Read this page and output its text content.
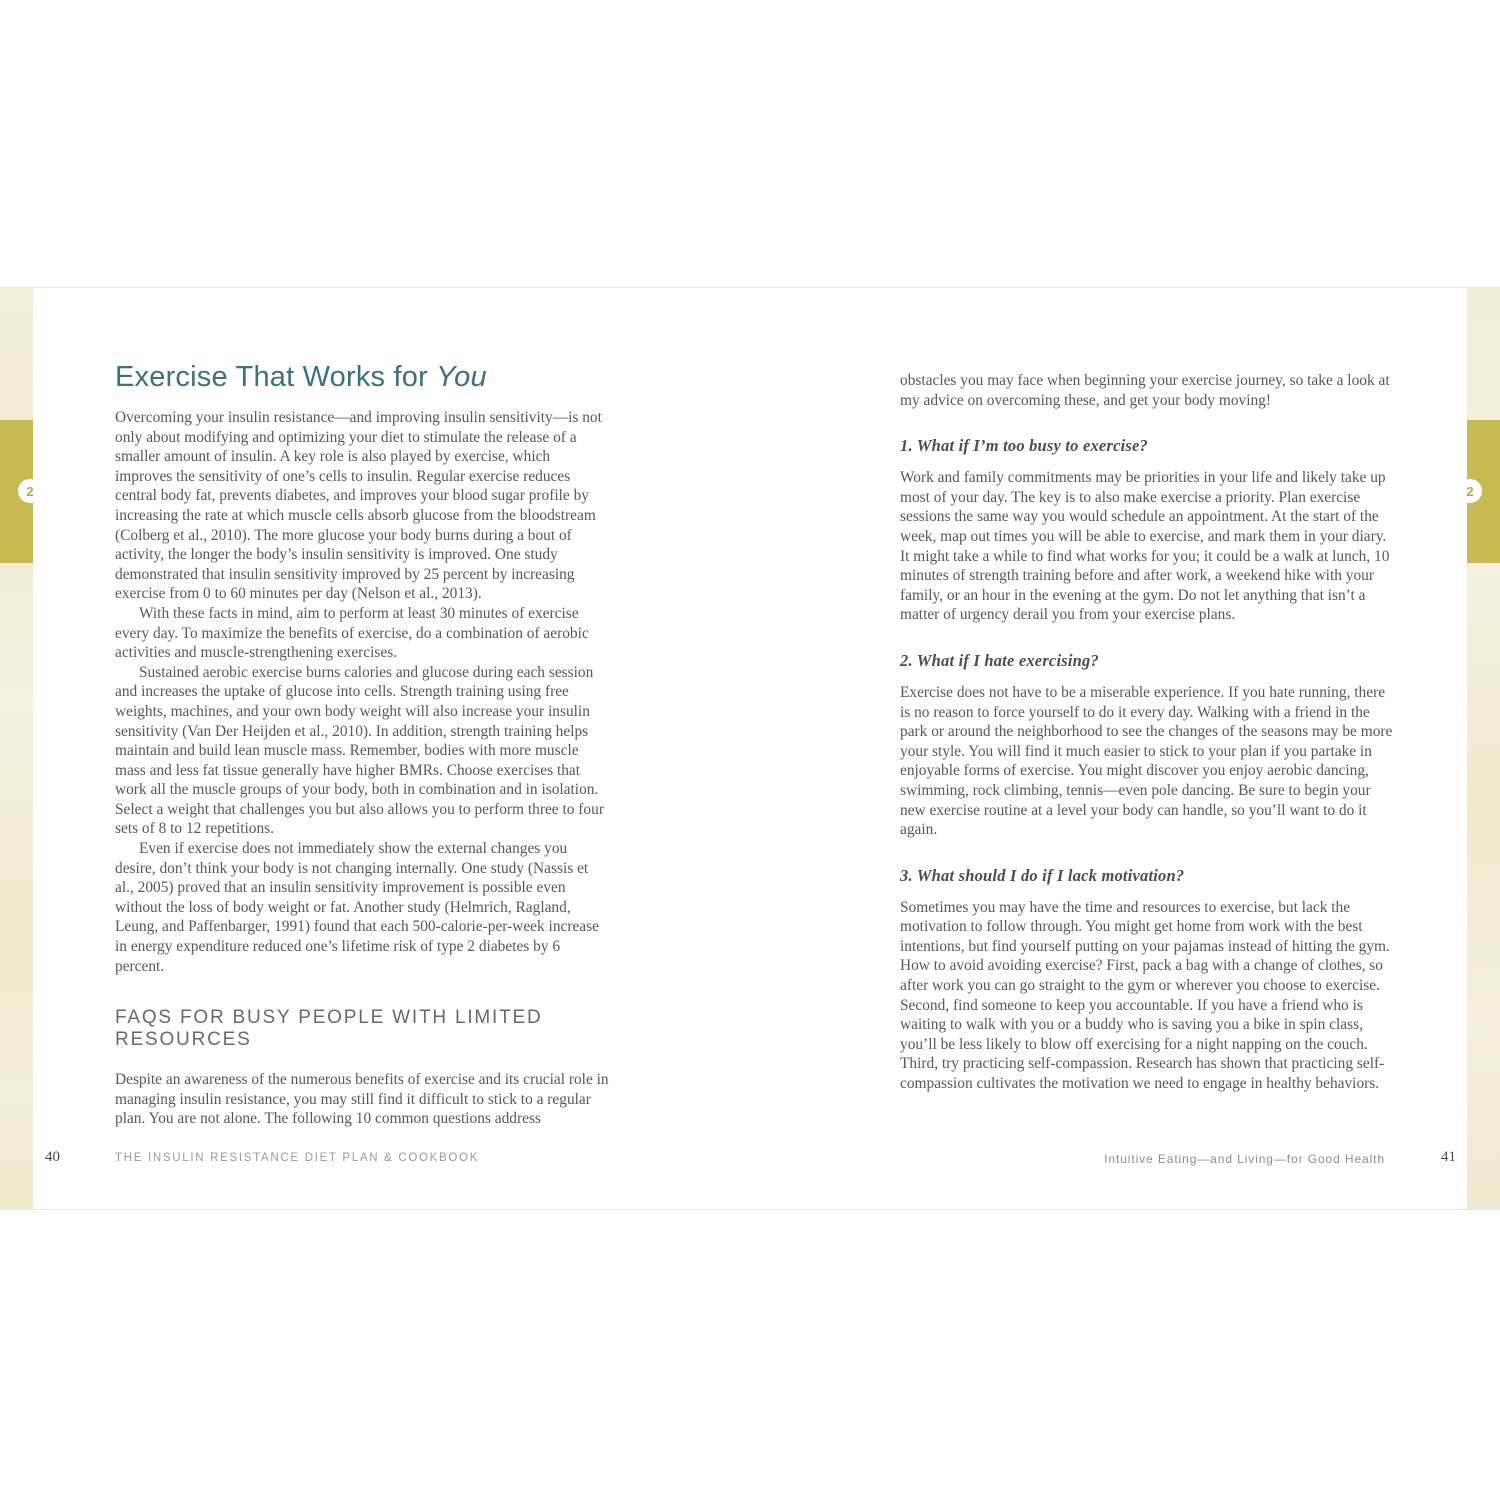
2	2
Exercise That Works for You

Overcoming your insulin resistance—and improving insulin sensitivity—is not only about modifying and optimizing your diet to stimulate the release of a smaller amount of insulin. A key role is also played by exercise, which improves the sensitivity of one’s cells to insulin. Regular exercise reduces central body fat, prevents diabetes, and improves your blood sugar profile by increasing the rate at which muscle cells absorb glucose from the bloodstream (Colberg et al., 2010). The more glucose your body burns during a bout of activity, the longer the body’s insulin sensitivity is improved. One study demonstrated that insulin sensitivity improved by 25 percent by increasing exercise from 0 to 60 minutes per day (Nelson et al., 2013).

With these facts in mind, aim to perform at least 30 minutes of exercise every day. To maximize the benefits of exercise, do a combination of aerobic activities and muscle-strengthening exercises.

Sustained aerobic exercise burns calories and glucose during each session and increases the uptake of glucose into cells. Strength training using free weights, machines, and your own body weight will also increase your insulin sensitivity (Van Der Heijden et al., 2010). In addition, strength training helps maintain and build lean muscle mass. Remember, bodies with more muscle mass and less fat tissue generally have higher BMRs. Choose exercises that work all the muscle groups of your body, both in combination and in isolation. Select a weight that challenges you but also allows you to perform three to four sets of 8 to 12 repetitions.

Even if exercise does not immediately show the external changes you desire, don’t think your body is not changing internally. One study (Nassis et al., 2005) proved that an insulin sensitivity improvement is possible even without the loss of body weight or fat. Another study (Helmrich, Ragland, Leung, and Paffenbarger, 1991) found that each 500-calorie-per-week increase in energy expenditure reduced one’s lifetime risk of type 2 diabetes by 6 percent.

FAQS FOR BUSY PEOPLE WITH LIMITED RESOURCES

Despite an awareness of the numerous benefits of exercise and its crucial role in managing insulin resistance, you may still find it difficult to stick to a regular plan. You are not alone. The following 10 common questions address

obstacles you may face when beginning your exercise journey, so take a look at my advice on overcoming these, and get your body moving!

1. What if I’m too busy to exercise?

Work and family commitments may be priorities in your life and likely take up most of your day. The key is to also make exercise a priority. Plan exercise sessions the same way you would schedule an appointment. At the start of the week, map out times you will be able to exercise, and mark them in your diary. It might take a while to find what works for you; it could be a walk at lunch, 10 minutes of strength training before and after work, a weekend hike with your family, or an hour in the evening at the gym. Do not let anything that isn’t a matter of urgency derail you from your exercise plans.

2. What if I hate exercising?

Exercise does not have to be a miserable experience. If you hate running, there is no reason to force yourself to do it every day. Walking with a friend in the park or around the neighborhood to see the changes of the seasons may be more your style. You will find it much easier to stick to your plan if you partake in enjoyable forms of exercise. You might discover you enjoy aerobic dancing, swimming, rock climbing, tennis—even pole dancing. Be sure to begin your new exercise routine at a level your body can handle, so you’ll want to do it again.

3. What should I do if I lack motivation?

Sometimes you may have the time and resources to exercise, but lack the motivation to follow through. You might get home from work with the best intentions, but find yourself putting on your pajamas instead of hitting the gym. How to avoid avoiding exercise? First, pack a bag with a change of clothes, so after work you can go straight to the gym or wherever you choose to exercise. Second, find someone to keep you accountable. If you have a friend who is waiting to walk with you or a buddy who is saving you a bike in spin class, you’ll be less likely to blow off exercising for a night napping on the couch. Third, try practicing self-compassion. Research has shown that practicing self-compassion cultivates the motivation we need to engage in healthy behaviors.

40	THE INSULIN RESISTANCE DIET PLAN & COOKBOOK	Intuitive Eating—and Living—for Good Health	41
